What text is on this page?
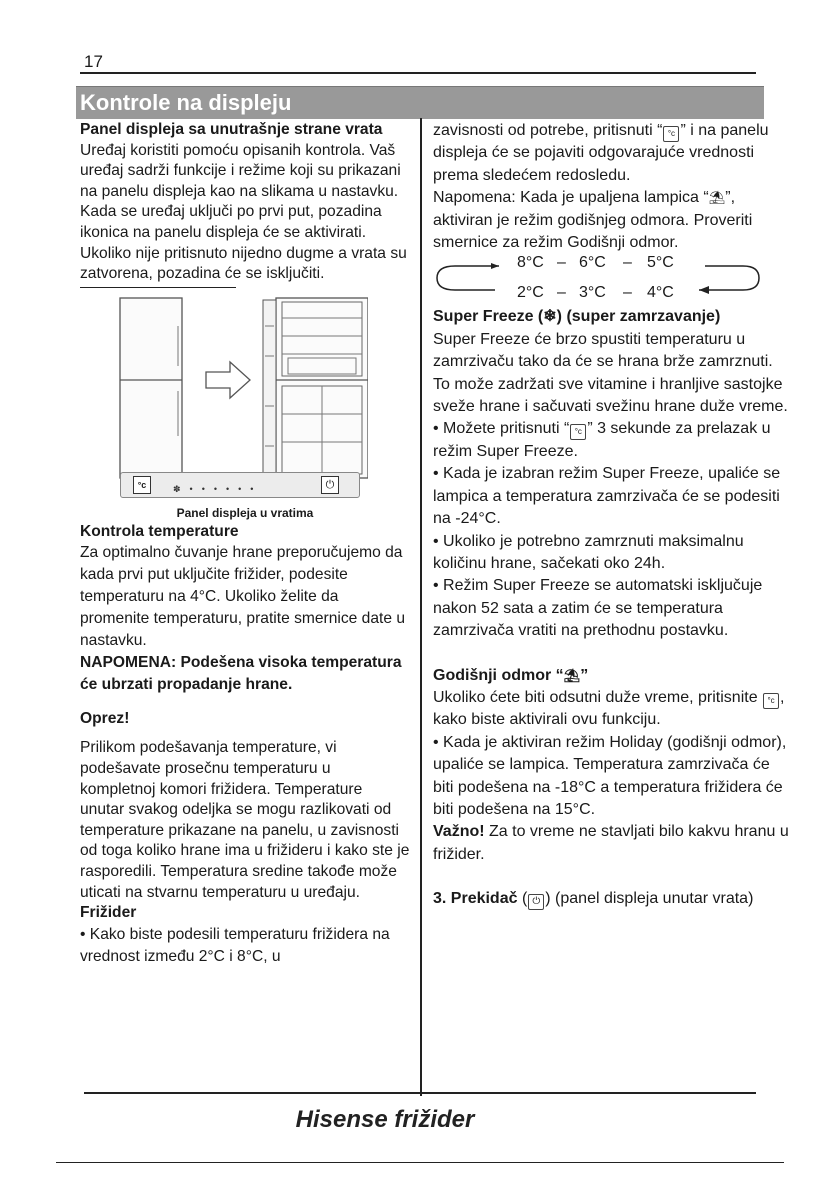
17
Kontrole na displeju

Panel displeja sa unutrašnje strane vrata

Uređaj koristiti pomoću opisanih kontrola. Vaš uređaj sadrži funkcije i režime koji su prikazani na panelu displeja kao na slikama u nastavku. Kada se uređaj uključi po prvi put, pozadina ikonica na panelu displeja će se aktivirati. Ukoliko nije pritisnuto nijedno dugme a vrata su zatvorena, pozadina će se isključiti.

°c	✽••••••	⏻
Panel displeja u vratima

Kontrola temperature

Za optimalno čuvanje hrane preporučujemo da kada prvi put uključite frižider, podesite temperaturu na 4°C. Ukoliko želite da promenite temperaturu, pratite smernice date u nastavku.

NAPOMENA: Podešena visoka temperatura će ubrzati propadanje hrane.

Oprez!

Prilikom podešavanja temperature, vi podešavate prosečnu temperaturu u kompletnoj komori frižidera. Temperature unutar svakog odeljka se mogu razlikovati od temperature prikazane na panelu, u zavisnosti od toga koliko hrane ima u frižideru i kako ste je rasporedili. Temperatura sredine takođe može uticati na stvarnu temperaturu u uređaju.

Frižider

• Kako biste podesili temperaturu frižidera na vrednost između 2°C i 8°C, u

zavisnosti od potrebe, pritisnuti “ °c ” i na panelu displeja će se pojaviti odgovarajuće vrednosti prema sledećem redosledu.

Napomena: Kada je upaljena lampica “⛱”, aktiviran je režim godišnjeg odmora. Proveriti smernice za režim Godišnji odmor.

8°C – 6°C – 5°C
2°C – 3°C – 4°C

Super Freeze (❄) (super zamrzavanje)

Super Freeze će brzo spustiti temperaturu u zamrzivaču tako da će se hrana brže zamrznuti. To može zadržati sve vitamine i hranljive sastojke sveže hrane i sačuvati svežinu hrane duže vreme.

• Možete pritisnuti “ °c ” 3 sekunde za prelazak u režim Super Freeze.

• Kada je izabran režim Super Freeze, upaliće se lampica a temperatura zamrzivača će se podesiti na -24°C.

• Ukoliko je potrebno zamrznuti maksimalnu količinu hrane, sačekati oko 24h.

• Režim Super Freeze se automatski isključuje nakon 52 sata a zatim će se temperatura zamrzivača vratiti na prethodnu postavku.

Godišnji odmor “⛱”

Ukoliko ćete biti odsutni duže vreme, pritisnite °c , kako biste aktivirali ovu funkciju.

• Kada je aktiviran režim Holiday (godišnji odmor), upaliće se lampica. Temperatura zamrzivača će biti podešena na -18°C a temperatura frižidera će biti podešena na 15°C.

Važno! Za to vreme ne stavljati bilo kakvu hranu u frižider.

3. Prekidač ( ⏻ ) (panel displeja unutar vrata)

Hisense frižider
